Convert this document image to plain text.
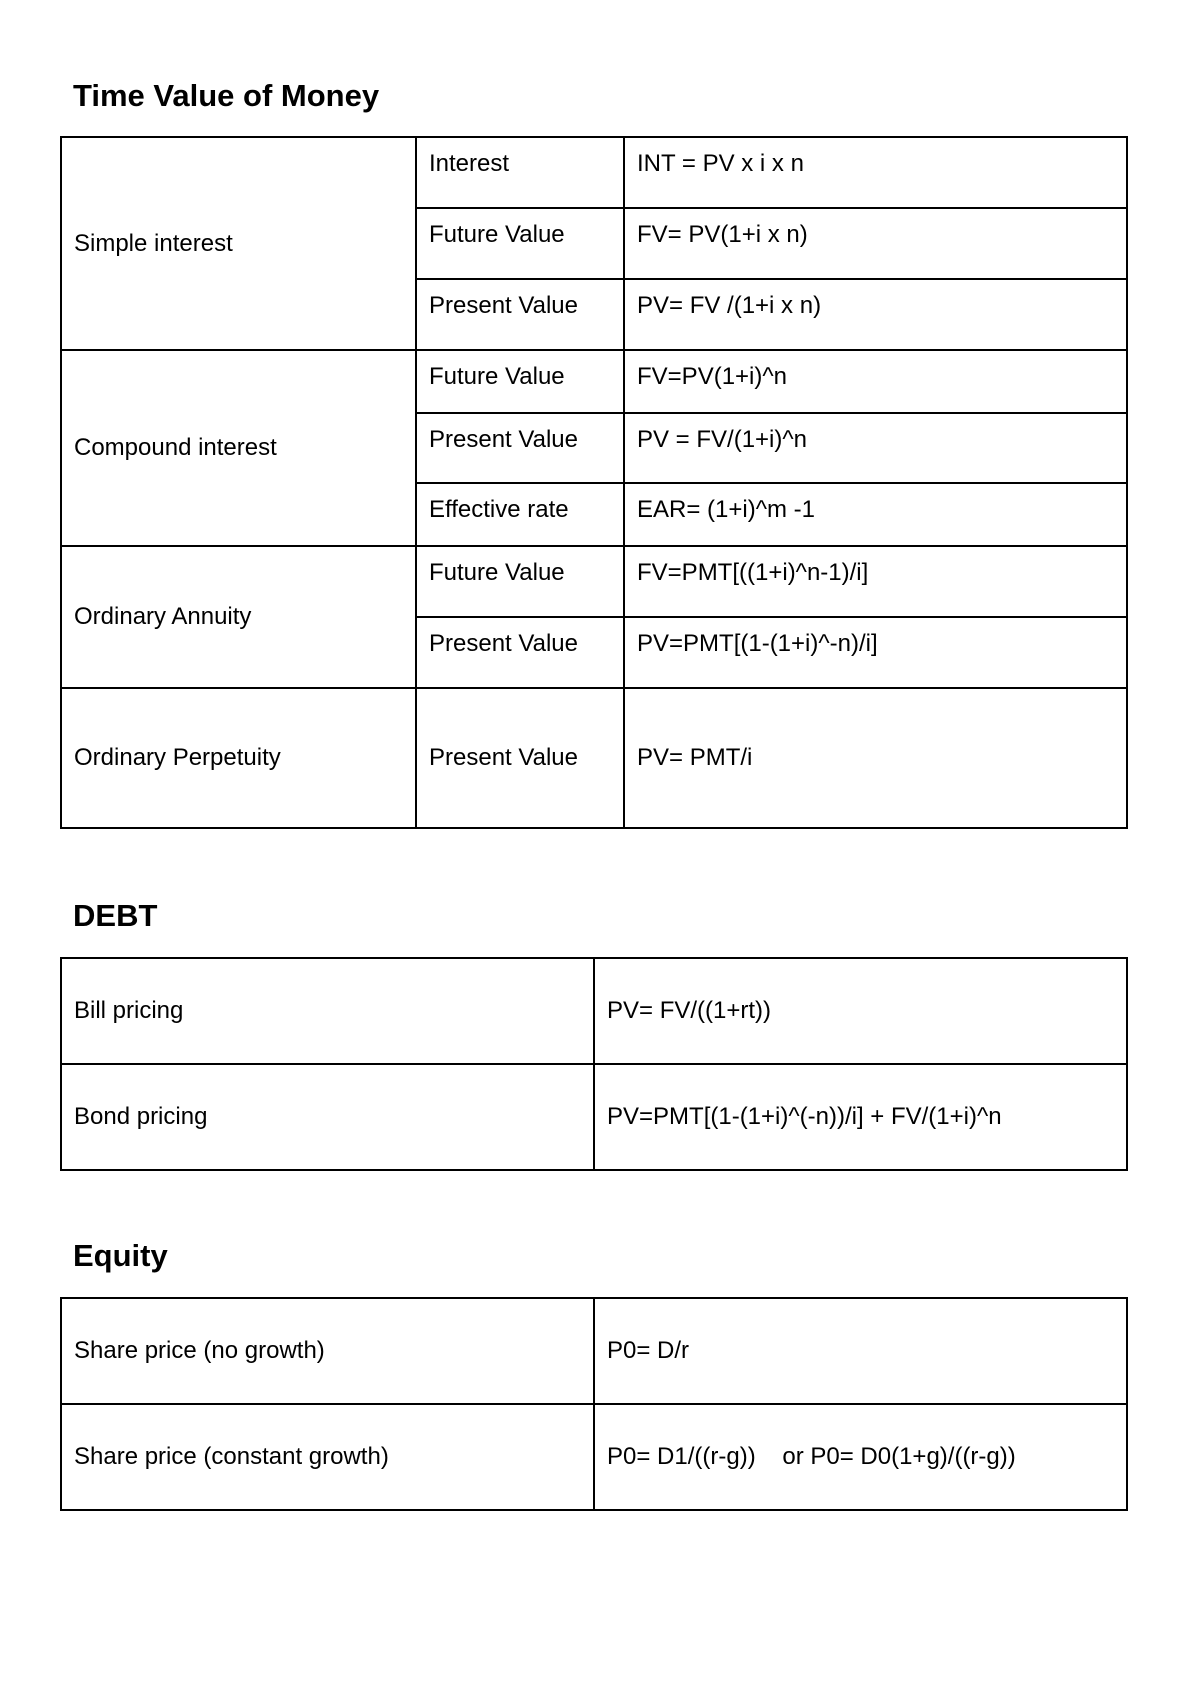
Time Value of Money
Simple interest	Interest	INT = PV x i x n
	Future Value	FV= PV(1+i x n)
	Present Value	PV= FV /(1+i x n)
Compound interest	Future Value	FV=PV(1+i)^n
	Present Value	PV = FV/(1+i)^n
	Effective rate	EAR= (1+i)^m -1
Ordinary Annuity	Future Value	FV=PMT[((1+i)^n-1)/i]
	Present Value	PV=PMT[(1-(1+i)^-n)/i]
Ordinary Perpetuity	Present Value	PV= PMT/i
DEBT
Bill pricing	PV= FV/((1+rt))
Bond pricing	PV=PMT[(1-(1+i)^(-n))/i] + FV/(1+i)^n
Equity
Share price (no growth)	P0= D/r
Share price (constant growth)	P0= D1/((r-g))    or P0= D0(1+g)/((r-g))
